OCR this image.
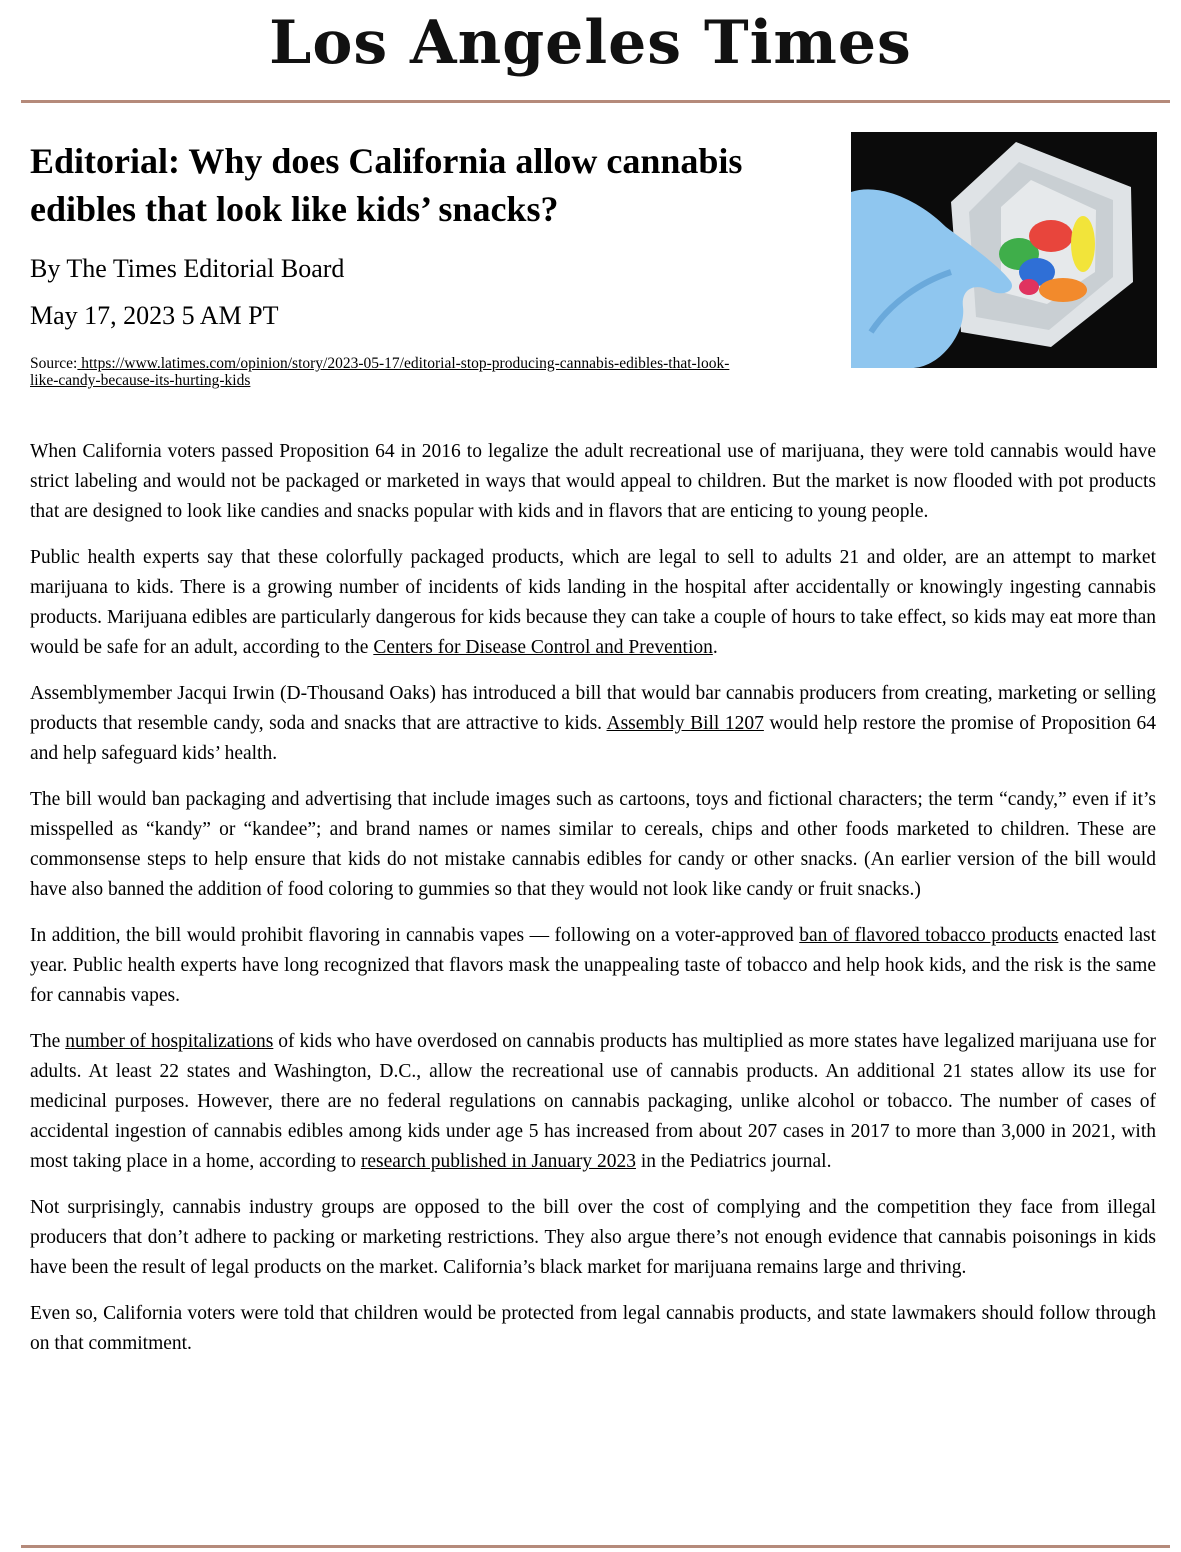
Los Angeles Times
Editorial: Why does California allow cannabis edibles that look like kids’ snacks?

By The Times Editorial Board

May 17, 2023 5 AM PT

Source: https://www.latimes.com/opinion/story/2023-05-17/editorial-stop-producing-cannabis-edibles-that-look-like-candy-because-its-hurting-kids

When California voters passed Proposition 64 in 2016 to legalize the adult recreational use of marijuana, they were told cannabis would have strict labeling and would not be packaged or marketed in ways that would appeal to children. But the market is now flooded with pot products that are designed to look like candies and snacks popular with kids and in flavors that are enticing to young people.

Public health experts say that these colorfully packaged products, which are legal to sell to adults 21 and older, are an attempt to market marijuana to kids. There is a growing number of incidents of kids landing in the hospital after accidentally or knowingly ingesting cannabis products. Marijuana edibles are particularly dangerous for kids because they can take a couple of hours to take effect, so kids may eat more than would be safe for an adult, according to the Centers for Disease Control and Prevention.

Assemblymember Jacqui Irwin (D-Thousand Oaks) has introduced a bill that would bar cannabis producers from creating, marketing or selling products that resemble candy, soda and snacks that are attractive to kids. Assembly Bill 1207 would help restore the promise of Proposition 64 and help safeguard kids’ health.

The bill would ban packaging and advertising that include images such as cartoons, toys and fictional characters; the term “candy,” even if it’s misspelled as “kandy” or “kandee”; and brand names or names similar to cereals, chips and other foods marketed to children. These are commonsense steps to help ensure that kids do not mistake cannabis edibles for candy or other snacks. (An earlier version of the bill would have also banned the addition of food coloring to gummies so that they would not look like candy or fruit snacks.)

In addition, the bill would prohibit flavoring in cannabis vapes — following on a voter-approved ban of flavored tobacco products enacted last year. Public health experts have long recognized that flavors mask the unappealing taste of tobacco and help hook kids, and the risk is the same for cannabis vapes.

The number of hospitalizations of kids who have overdosed on cannabis products has multiplied as more states have legalized marijuana use for adults. At least 22 states and Washington, D.C., allow the recreational use of cannabis products. An additional 21 states allow its use for medicinal purposes. However, there are no federal regulations on cannabis packaging, unlike alcohol or tobacco. The number of cases of accidental ingestion of cannabis edibles among kids under age 5 has increased from about 207 cases in 2017 to more than 3,000 in 2021, with most taking place in a home, according to research published in January 2023 in the Pediatrics journal.

Not surprisingly, cannabis industry groups are opposed to the bill over the cost of complying and the competition they face from illegal producers that don’t adhere to packing or marketing restrictions. They also argue there’s not enough evidence that cannabis poisonings in kids have been the result of legal products on the market. California’s black market for marijuana remains large and thriving.

Even so, California voters were told that children would be protected from legal cannabis products, and state lawmakers should follow through on that commitment.
